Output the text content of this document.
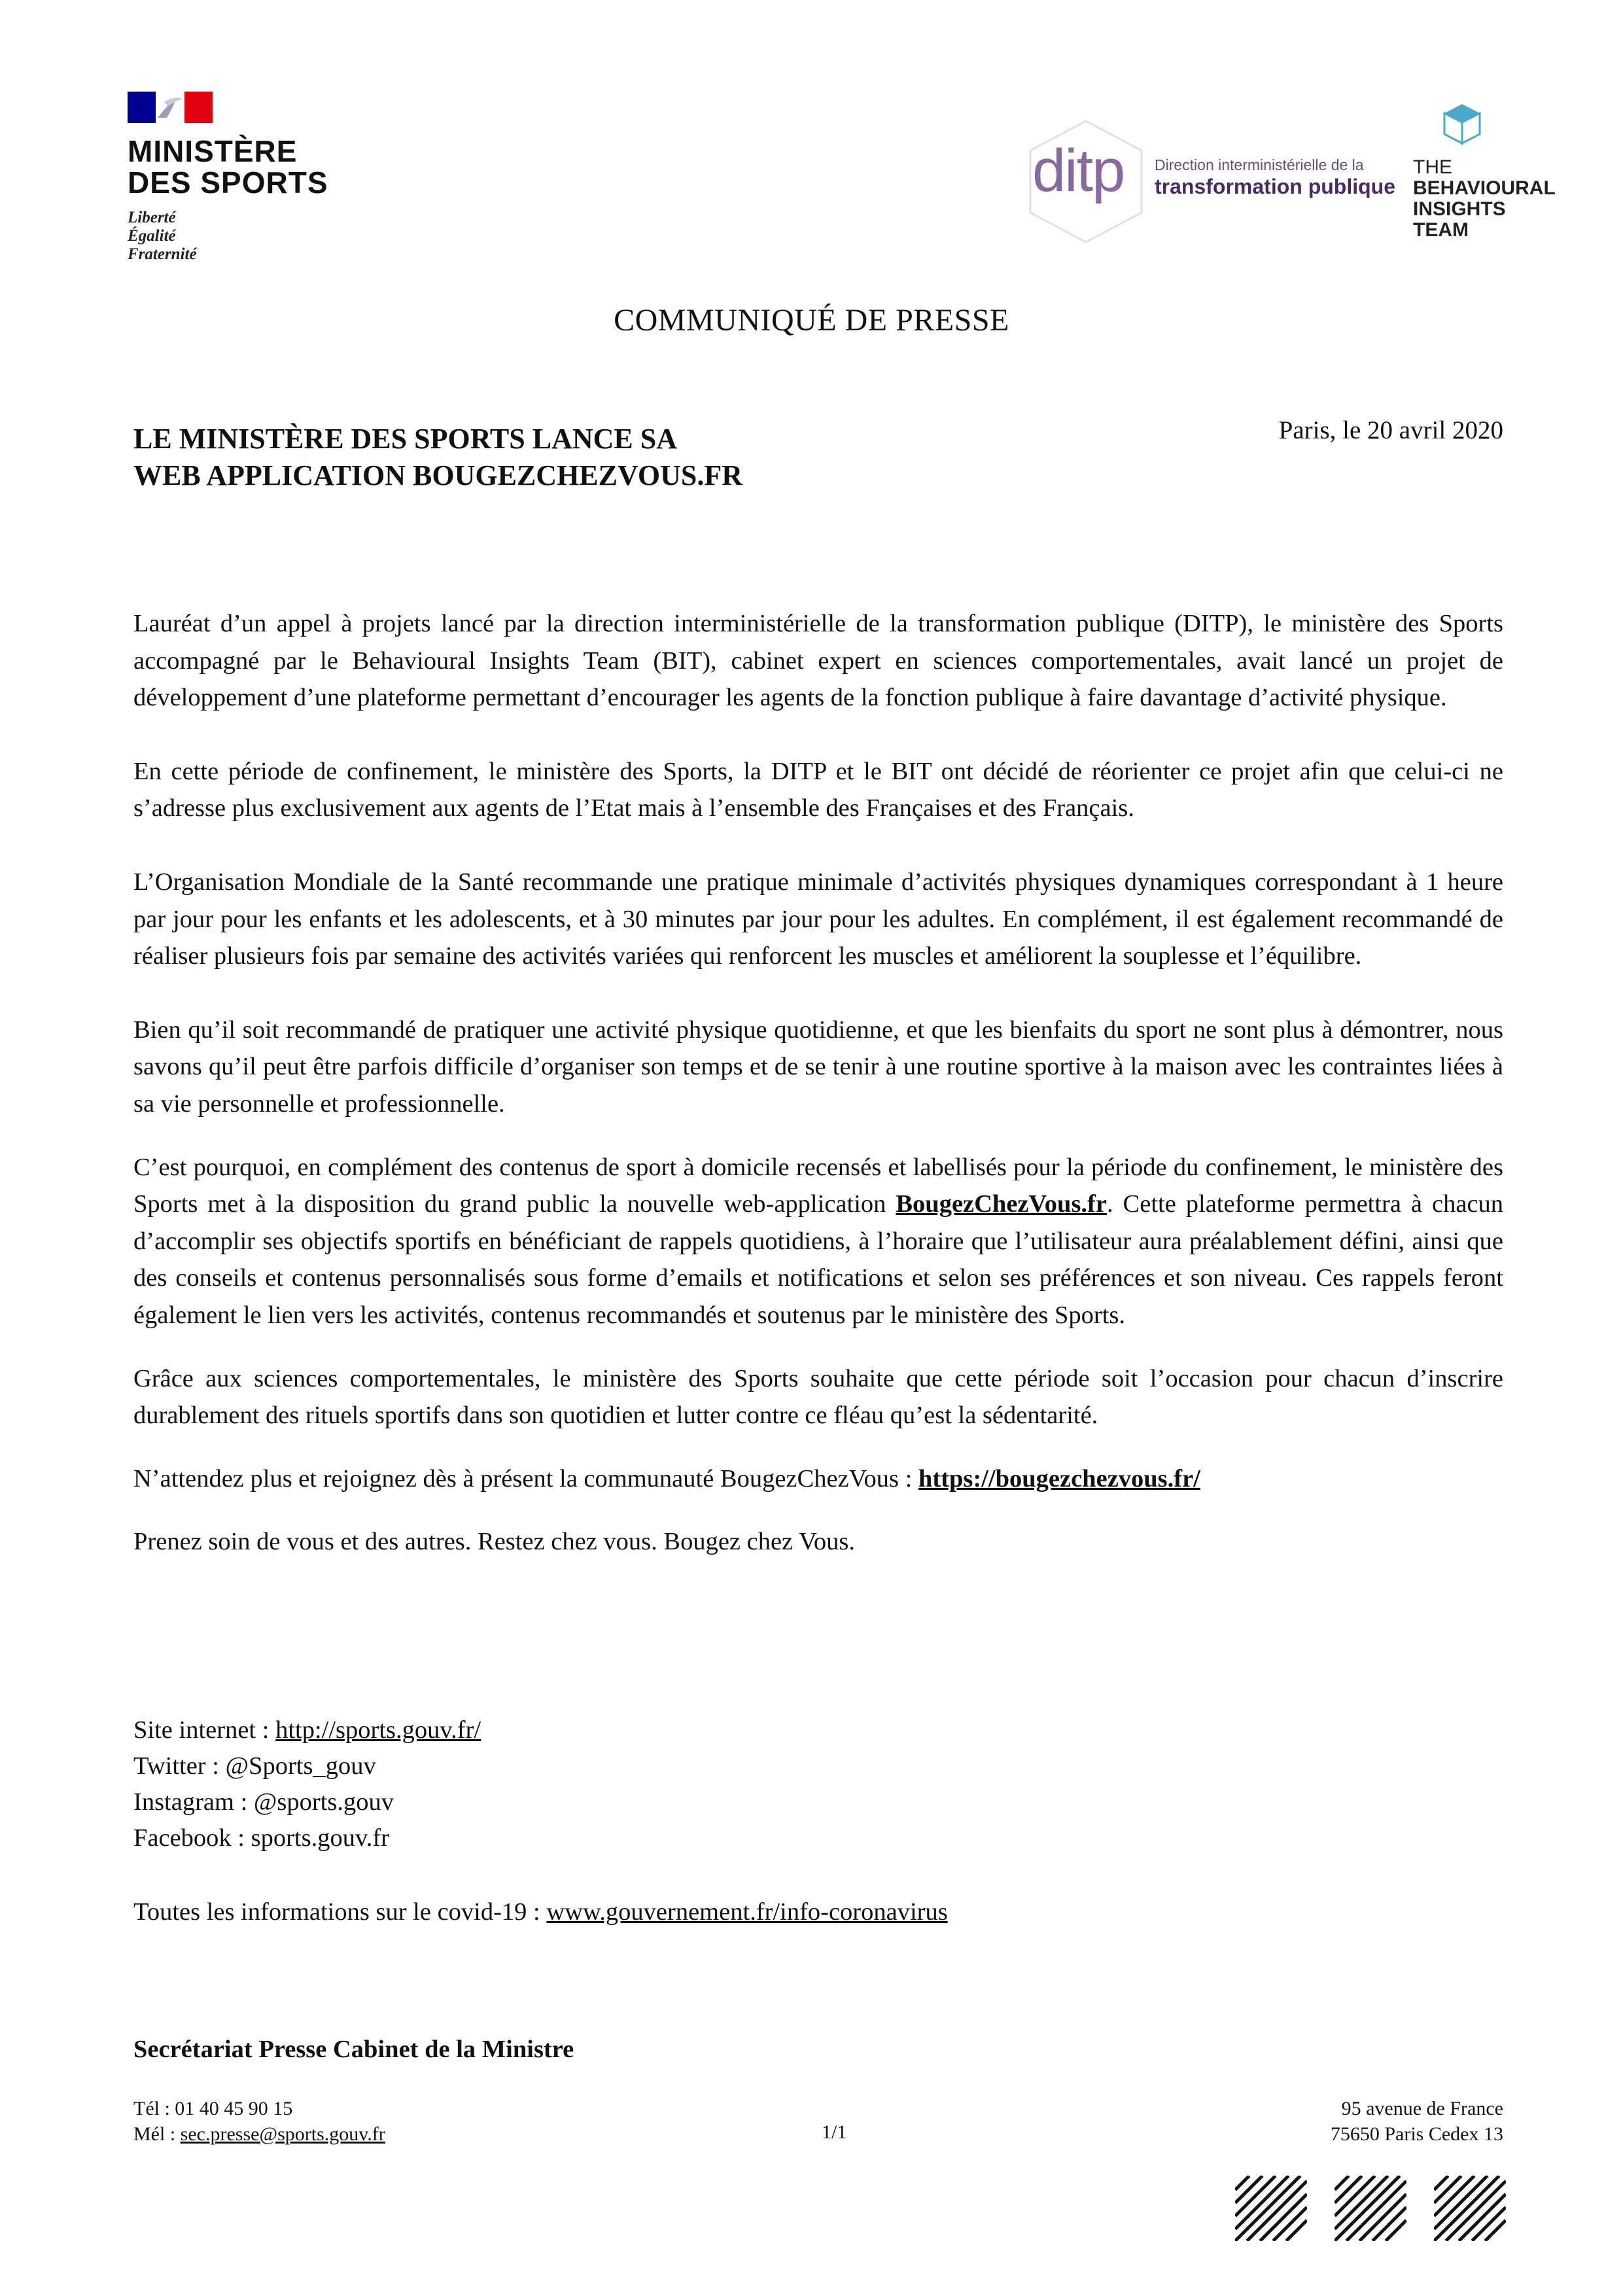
MINISTÈRE
DES SPORTS
Liberté
Égalité
Fraternité
ditp Direction interministérielle de la
transformation publique
THE
BEHAVIOURAL
INSIGHTS
TEAM
COMMUNIQUÉ DE PRESSE
LE MINISTÈRE DES SPORTS LANCE SA
WEB APPLICATION BOUGEZCHEZVOUS.FR
Paris, le 20 avril 2020

Lauréat d’un appel à projets lancé par la direction interministérielle de la transformation publique (DITP), le ministère des Sports accompagné par le Behavioural Insights Team (BIT), cabinet expert en sciences comportementales, avait lancé un projet de développement d’une plateforme permettant d’encourager les agents de la fonction publique à faire davantage d’activité physique.

En cette période de confinement, le ministère des Sports, la DITP et le BIT ont décidé de réorienter ce projet afin que celui-ci ne s’adresse plus exclusivement aux agents de l’Etat mais à l’ensemble des Françaises et des Français.

L’Organisation Mondiale de la Santé recommande une pratique minimale d’activités physiques dynamiques correspondant à 1 heure par jour pour les enfants et les adolescents, et à 30 minutes par jour pour les adultes. En complément, il est également recommandé de réaliser plusieurs fois par semaine des activités variées qui renforcent les muscles et améliorent la souplesse et l’équilibre.

Bien qu’il soit recommandé de pratiquer une activité physique quotidienne, et que les bienfaits du sport ne sont plus à démontrer, nous savons qu’il peut être parfois difficile d’organiser son temps et de se tenir à une routine sportive à la maison avec les contraintes liées à sa vie personnelle et professionnelle.

C’est pourquoi, en complément des contenus de sport à domicile recensés et labellisés pour la période du confinement, le ministère des Sports met à la disposition du grand public la nouvelle web-application BougezChezVous.fr. Cette plateforme permettra à chacun d’accomplir ses objectifs sportifs en bénéficiant de rappels quotidiens, à l’horaire que l’utilisateur aura préalablement défini, ainsi que des conseils et contenus personnalisés sous forme d’emails et notifications et selon ses préférences et son niveau. Ces rappels feront également le lien vers les activités, contenus recommandés et soutenus par le ministère des Sports.

Grâce aux sciences comportementales, le ministère des Sports souhaite que cette période soit l’occasion pour chacun d’inscrire durablement des rituels sportifs dans son quotidien et lutter contre ce fléau qu’est la sédentarité.

N’attendez plus et rejoignez dès à présent la communauté BougezChezVous : https://bougezchezvous.fr/

Prenez soin de vous et des autres. Restez chez vous. Bougez chez Vous.

Site internet : http://sports.gouv.fr/
Twitter : @Sports_gouv
Instagram : @sports.gouv
Facebook : sports.gouv.fr
Toutes les informations sur le covid-19 : www.gouvernement.fr/info-coronavirus
Secrétariat Presse Cabinet de la Ministre
Tél : 01 40 45 90 15
Mél : sec.presse@sports.gouv.fr	1/1
95 avenue de France
75650 Paris Cedex 13
